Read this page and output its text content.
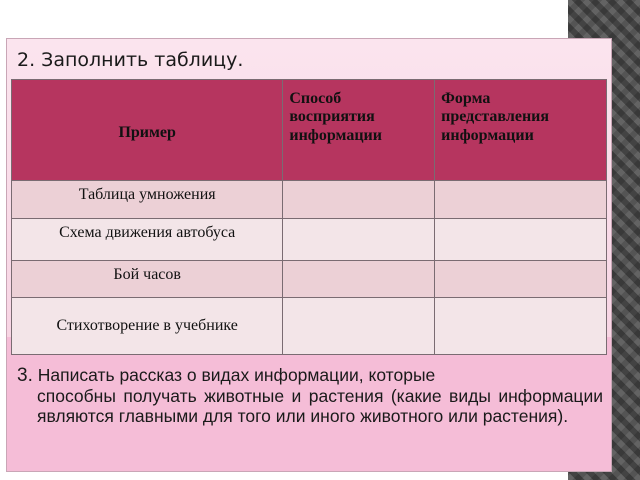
2. Заполнить таблицу.
Пример	Способ восприятия информации	Форма представления информации
Таблица умножения		
Схема движения автобуса		
Бой часов		
Стихотворение в учебнике		

3. Написать рассказ о видах информации, которые
способны получать животные и растения (какие виды информации являются главными для того или иного животного или растения).
